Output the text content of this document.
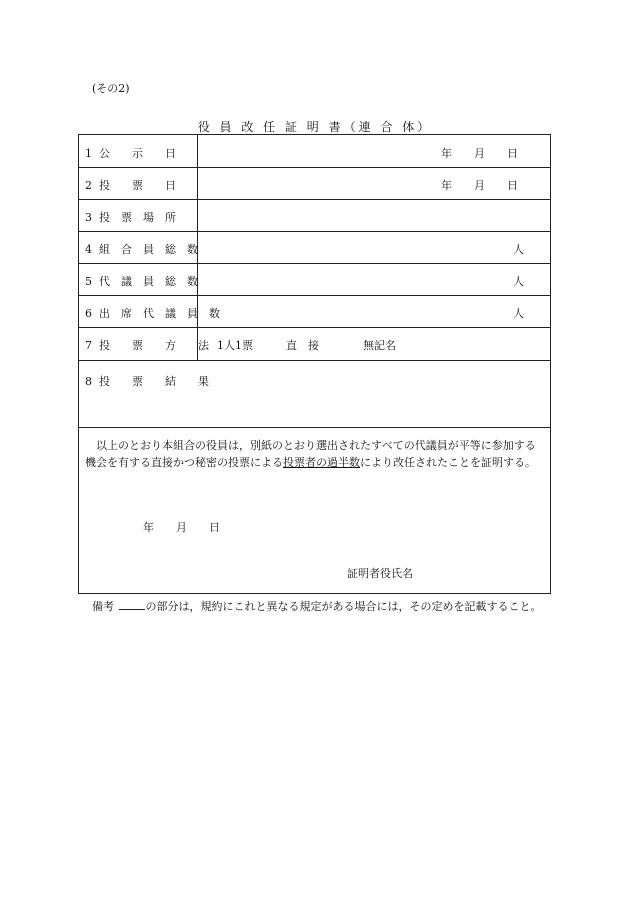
(その2)
役 員 改 任 証 明 書（連 合 体）
1 公　　示　　日	年　　月　　日
2 投　　票　　日	年　　月　　日
3 投　票　場　所
4 組　合　員　総　数	人
5 代　議　員　総　数	人
6 出　席　代　議　員　数	人
7 投　　票　　方　　法 1人1票　　　直　接　　　　無記名
8 投　　票　　結　　果
以上のとおり本組合の役員は，別紙のとおり選出されたすべての代議員が平等に参加する機会を有する直接かつ秘密の投票による投票者の過半数により改任されたことを証明する。
年　　月　　日
証明者役氏名
備考	の部分は，規約にこれと異なる規定がある場合には，その定めを記載すること。
